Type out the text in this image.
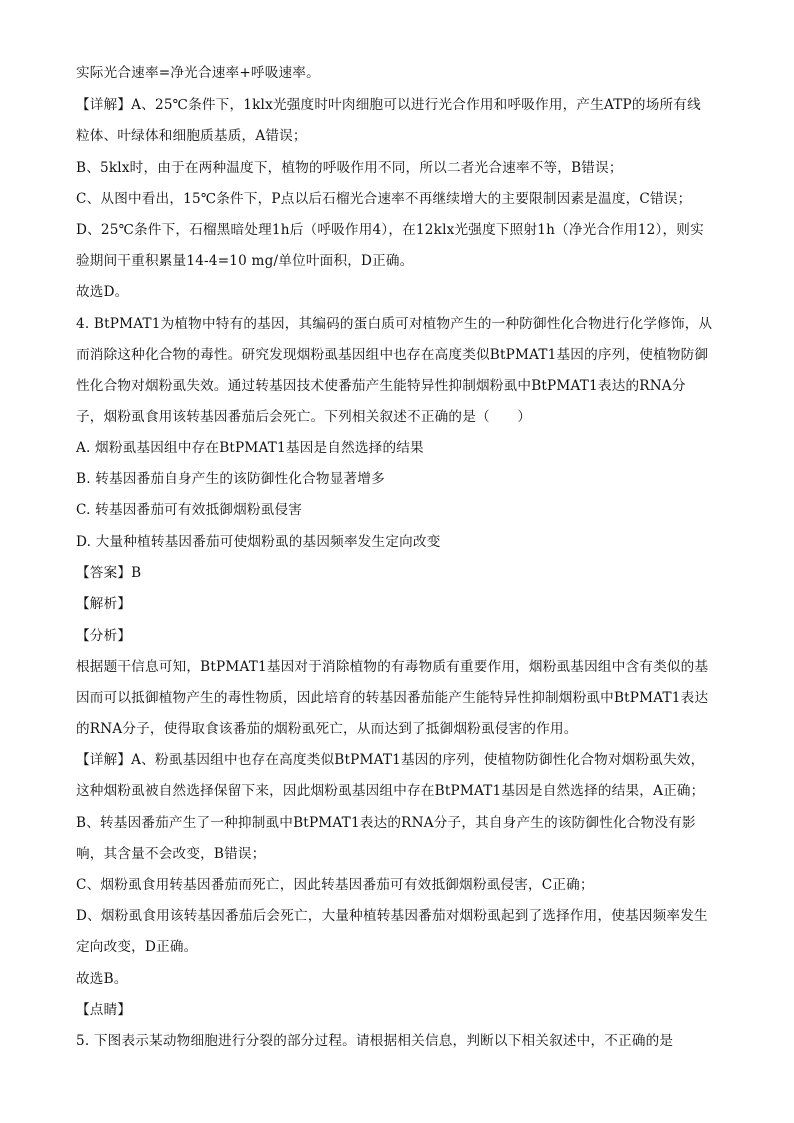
实际光合速率=净光合速率+呼吸速率。
【详解】A、25℃条件下，1klx光强度时叶肉细胞可以进行光合作用和呼吸作用，产生ATP的场所有线
粒体、叶绿体和细胞质基质，A错误；
B、5klx时，由于在两种温度下，植物的呼吸作用不同，所以二者光合速率不等，B错误；
C、从图中看出，15℃条件下，P点以后石榴光合速率不再继续增大的主要限制因素是温度，C错误；
D、25℃条件下，石榴黑暗处理1h后（呼吸作用4），在12klx光强度下照射1h（净光合作用12），则实
验期间干重积累量14-4=10 mg/单位叶面积，D正确。
故选D。
4. BtPMAT1为植物中特有的基因，其编码的蛋白质可对植物产生的一种防御性化合物进行化学修饰，从
而消除这种化合物的毒性。研究发现烟粉虱基因组中也存在高度类似BtPMAT1基因的序列，使植物防御
性化合物对烟粉虱失效。通过转基因技术使番茄产生能特异性抑制烟粉虱中BtPMAT1表达的RNA分
子，烟粉虱食用该转基因番茄后会死亡。下列相关叙述不正确的是（　　）
A. 烟粉虱基因组中存在BtPMAT1基因是自然选择的结果
B. 转基因番茄自身产生的该防御性化合物显著增多
C. 转基因番茄可有效抵御烟粉虱侵害
D. 大量种植转基因番茄可使烟粉虱的基因频率发生定向改变
【答案】B
【解析】
【分析】
根据题干信息可知，BtPMAT1基因对于消除植物的有毒物质有重要作用，烟粉虱基因组中含有类似的基
因而可以抵御植物产生的毒性物质，因此培育的转基因番茄能产生能特异性抑制烟粉虱中BtPMAT1表达
的RNA分子，使得取食该番茄的烟粉虱死亡，从而达到了抵御烟粉虱侵害的作用。
【详解】A、粉虱基因组中也存在高度类似BtPMAT1基因的序列，使植物防御性化合物对烟粉虱失效，
这种烟粉虱被自然选择保留下来，因此烟粉虱基因组中存在BtPMAT1基因是自然选择的结果，A正确；
B、转基因番茄产生了一种抑制虱中BtPMAT1表达的RNA分子，其自身产生的该防御性化合物没有影
响，其含量不会改变，B错误；
C、烟粉虱食用转基因番茄而死亡，因此转基因番茄可有效抵御烟粉虱侵害，C正确；
D、烟粉虱食用该转基因番茄后会死亡，大量种植转基因番茄对烟粉虱起到了选择作用，使基因频率发生
定向改变，D正确。
故选B。
【点睛】
5. 下图表示某动物细胞进行分裂的部分过程。请根据相关信息，判断以下相关叙述中，不正确的是
